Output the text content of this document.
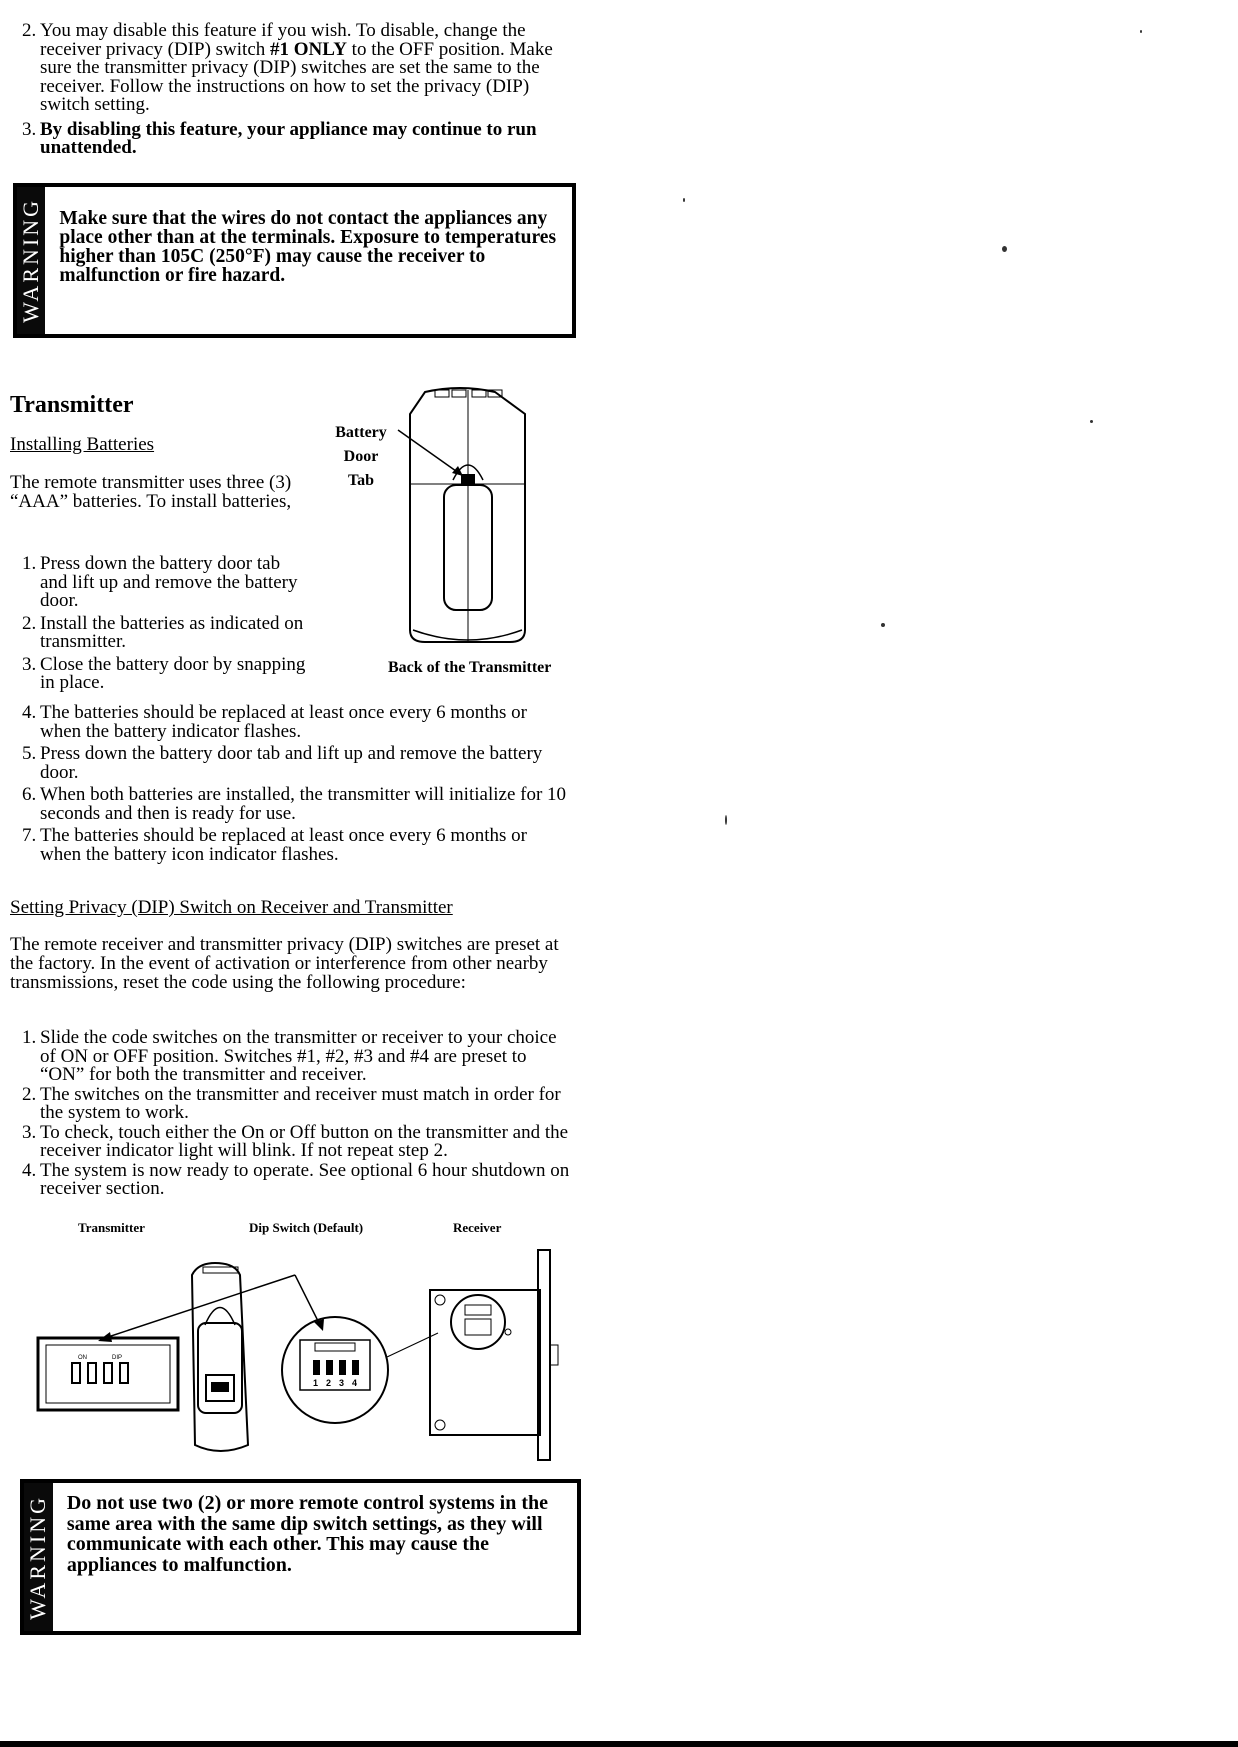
2. You may disable this feature if you wish. To disable, change the receiver privacy (DIP) switch #1 ONLY to the OFF position. Make sure the transmitter privacy (DIP) switches are set the same to the receiver. Follow the instructions on how to set the privacy (DIP) switch setting.
3. By disabling this feature, your appliance may continue to run unattended.
WARNING Make sure that the wires do not contact the appliances any place other than at the terminals. Exposure to temperatures higher than 105C (250°F) may cause the receiver to malfunction or fire hazard.
Transmitter
Installing Batteries

The remote transmitter uses three (3) “AAA” batteries. To install batteries,

Battery
Door
Tab
Back of the Transmitter
1. Press down the battery door tab and lift up and remove the battery door.
2. Install the batteries as indicated on transmitter.
3. Close the battery door by snapping in place.
4. The batteries should be replaced at least once every 6 months or when the battery indicator flashes.
5. Press down the battery door tab and lift up and remove the battery door.
6. When both batteries are installed, the transmitter will initialize for 10 seconds and then is ready for use.
7. The batteries should be replaced at least once every 6 months or when the battery icon indicator flashes.
Setting Privacy (DIP) Switch on Receiver and Transmitter

The remote receiver and transmitter privacy (DIP) switches are preset at the factory. In the event of activation or interference from other nearby transmissions, reset the code using the following procedure:

1. Slide the code switches on the transmitter or receiver to your choice of ON or OFF position. Switches #1, #2, #3 and #4 are preset to “ON” for both the transmitter and receiver.
2. The switches on the transmitter and receiver must match in order for the system to work.
3. To check, touch either the On or Off button on the transmitter and the receiver indicator light will blink. If not repeat step 2.
4. The system is now ready to operate. See optional 6 hour shutdown on receiver section.
Transmitter	Dip Switch (Default)	Receiver
ON	DIP
1 2 3 4
WARNING Do not use two (2) or more remote control systems in the same area with the same dip switch settings, as they will communicate with each other. This may cause the appliances to malfunction.
